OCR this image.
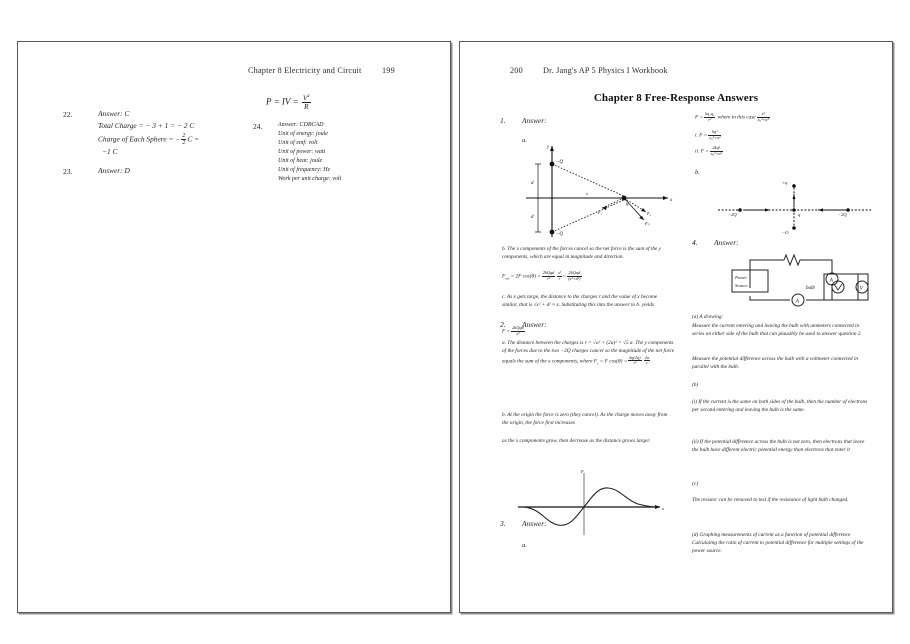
Chapter 8 Electricity and Circuit	199
22.	Answer: C
Total Charge = − 3 + 1 = − 2 C
Charge of Each Sphere = − $\frac{2}{2}$ C =
−1 C
23.	Answer: D
P = IV = $\frac{V^2}{R}$
24.	Answer: CDBCAD
Unit of energy: joule
Unit of emf: volt
Unit of power: watt
Unit of heat: joule
Unit of frequency: Hz
Work per unit charge: volt
200 Dr. Jang's AP 5 Physics I Workbook
Chapter 8 Free-Response Answers
1. Answer:
a.
x
y
−Q
−Q
q
F₁	F₂
Fₙ
d
d
x
b. The x components of the forces cancel so the net force is the sum of the y components, which are equal in magnitude and direction.
$F_{net} = 2F$ $\cos(\theta) = \frac{\text{2kQqd}}{\text{r²}} \frac{d}{r} = \frac{\text{2kQqd}}{\text{(x²+d²)}}$
c. As x gets large, the distance to the charges r and the value of x become similar, that is √x² + d² ≈ x. Substituting this into the answer to b. yields
$F = \frac{\text{2kQqd}}{\text{x³}}$
2. Answer:
a. The distance between the charges is r = √a² + (2a)² = √5 a. The y components of the forces due to the two −2Q charges cancel so the magnitude of the net force equals the sum of the x components, where $F_x = F$ $\cos(\theta) = \frac{kq(2q)}{\text{r²}} \frac{2a}{r}$
b. At the origin the force is zero (they cancel). As the charge moves away from the origin, the force first increases
as the x components grow, then decrease as the distance grows larger.
x
F
3. Answer:
a.
$F = \frac{\text{kq₁q₂}}{\text{r²}}$ where in this case $\frac{\text{x²}}{\text{x₀²+a²}}$
i. $F = \frac{\text{kq²}}{\text{x₀²+a²}}$
ii. $F = \frac{\text{2kq²}}{\text{x₀²+a²}}$
b.
+q
−Q
q
−2Q	−2Q
4. Answer:
Power
Source
A
A
bulb	V
(a) A drawing:
Measure the current entering and leaving the bulb with ammeters connected in series on either side of the bulb that can plausibly be used to answer question 2.
Measure the potential difference across the bulb with a voltmeter connected in parallel with the bulb.
(b)
(i) If the current is the same on both sides of the bulb, then the number of electrons per second entering and leaving the bulb is the same.
(ii) If the potential difference across the bulb is not zero, then electrons that leave the bulb have different electric potential energy than electrons that enter it
(c)
The resistor can be removed to test if the resistance of light bulb changed.
(d) Graphing measurements of current as a function of potential difference Calculating the ratio of current to potential difference for multiple settings of the power source.
